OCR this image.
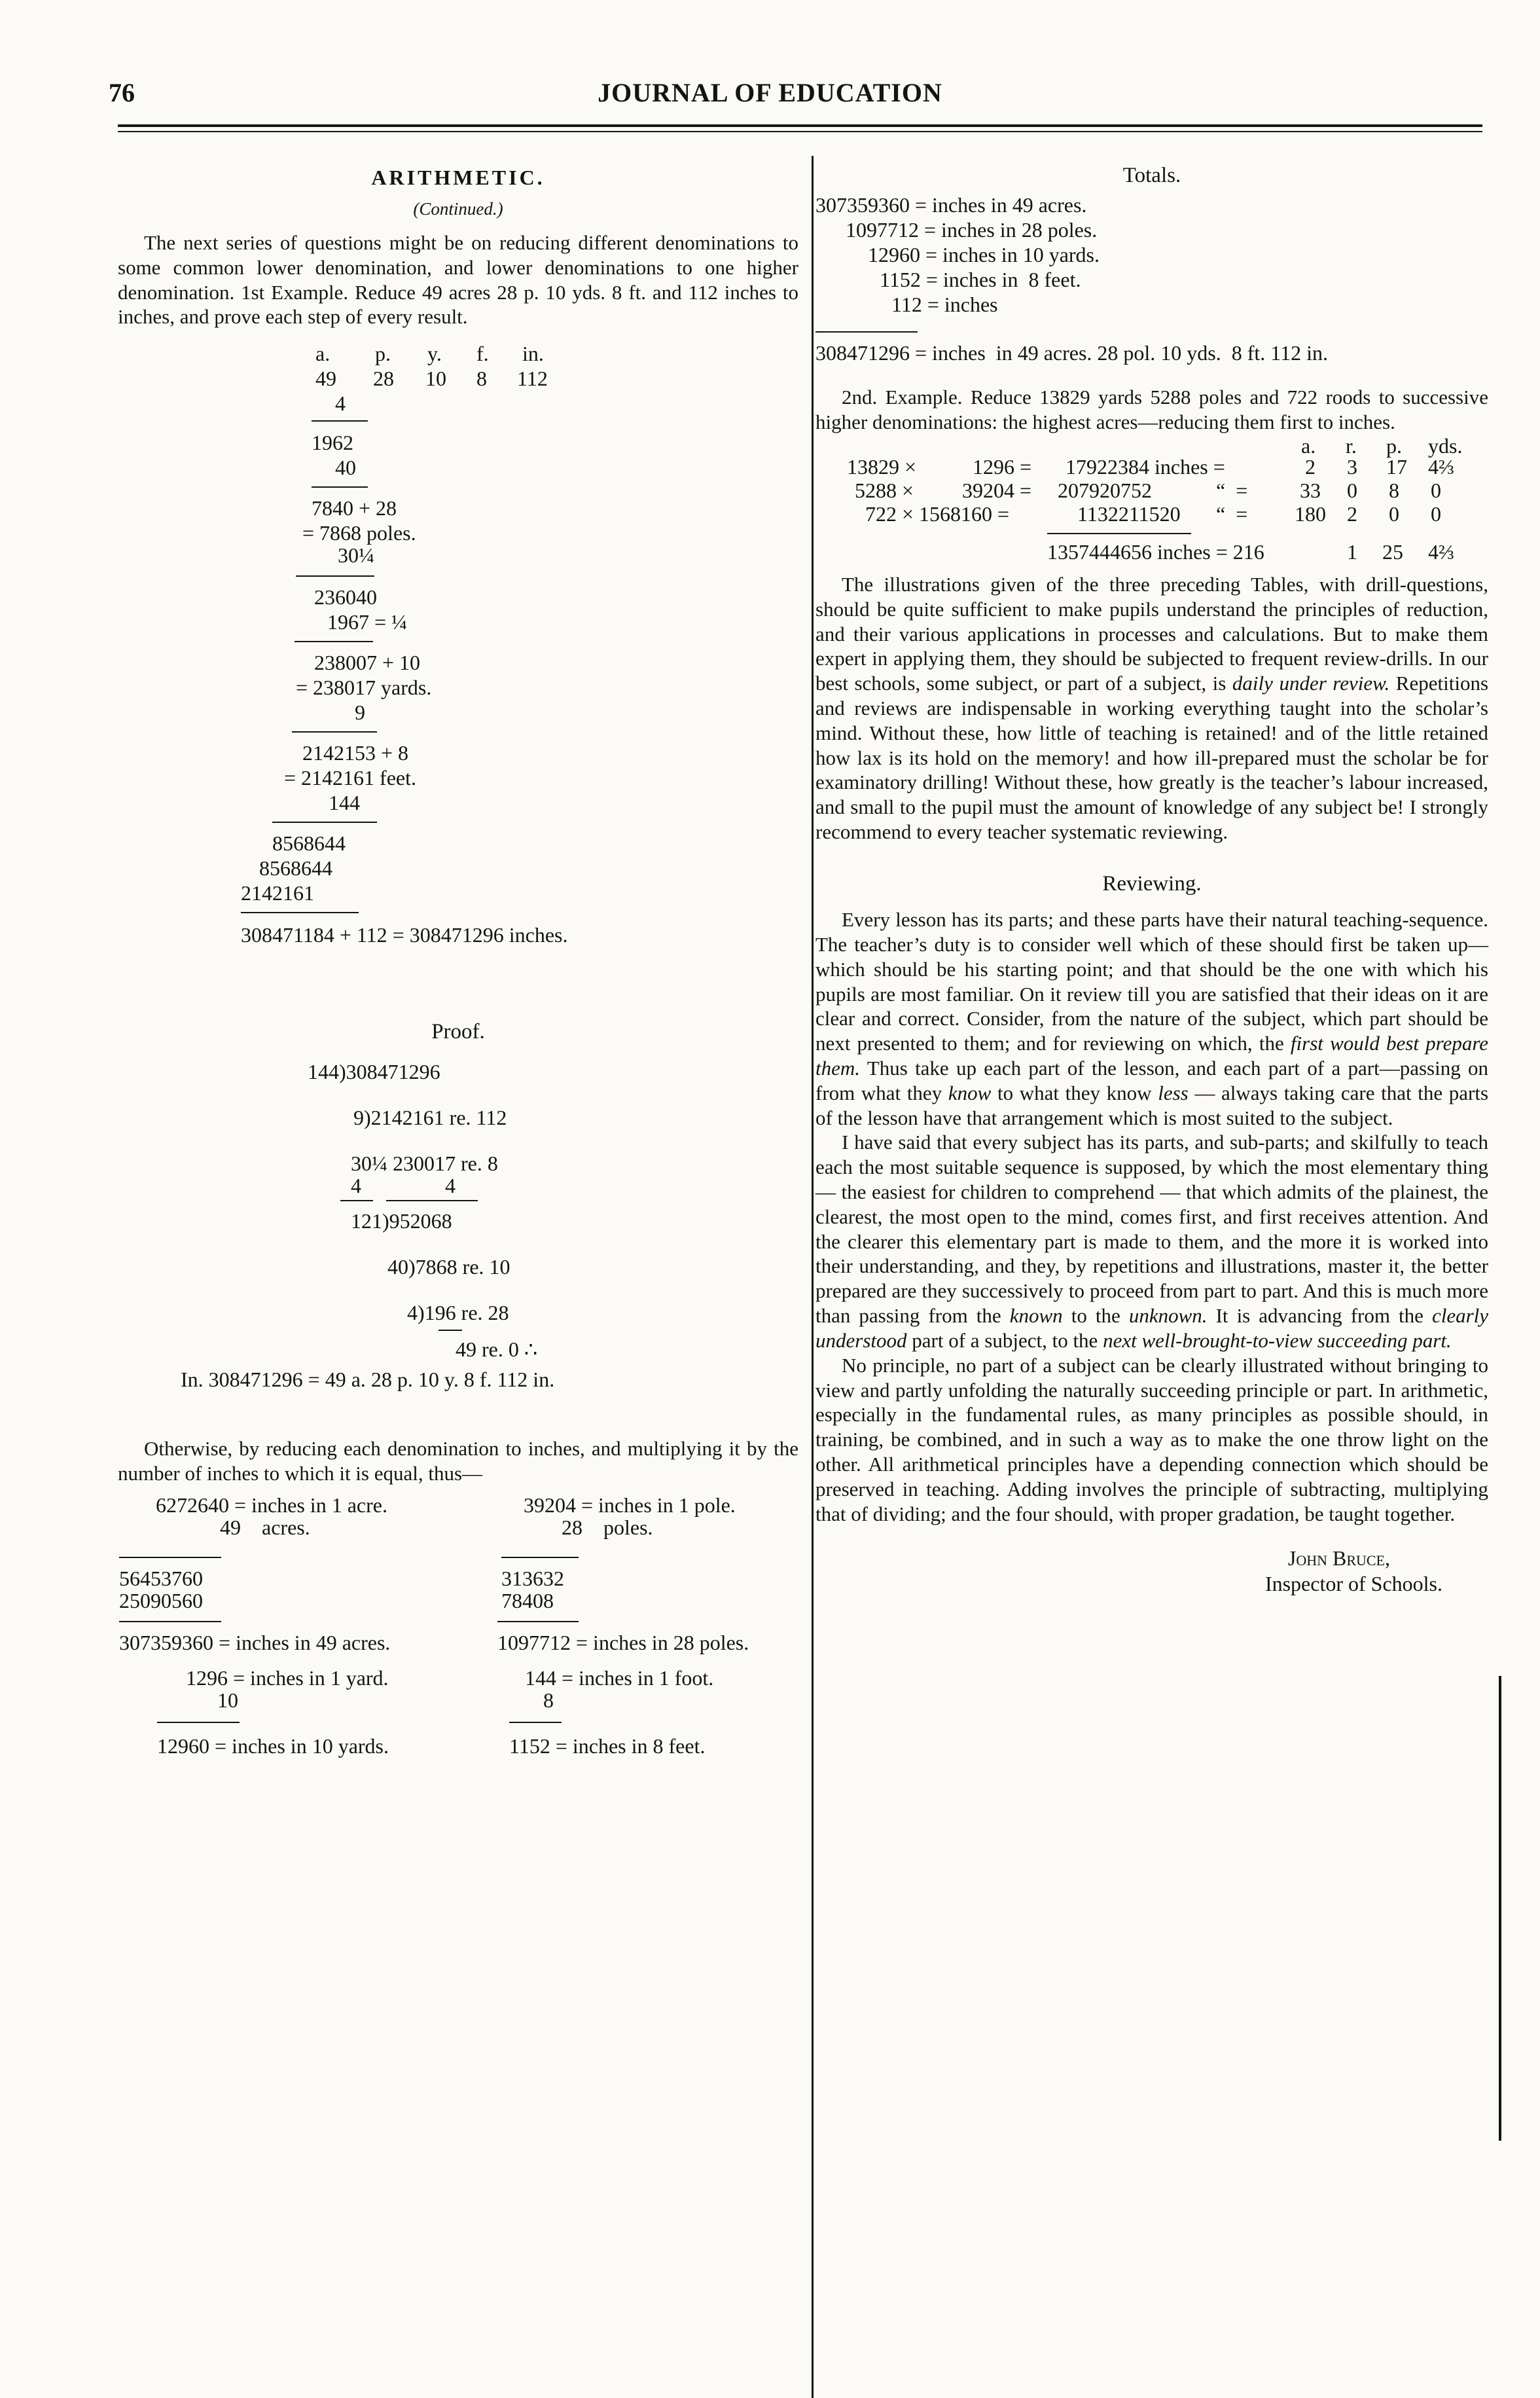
76	JOURNAL OF EDUCATION
ARITHMETIC.
(Continued.)

The next series of questions might be on reducing different denominations to some common lower denomination, and lower denominations to one higher denomination. 1st Example. Reduce 49 acres 28 p. 10 yds. 8 ft. and 112 inches to inches, and prove each step of every result.

a. p. y. f. in.
49 28 10 8 112
4
1962
40
7840 + 28
= 7868 poles.
30¼
236040
1967 = ¼
238007 + 10
= 238017 yards.
9
2142153 + 8
= 2142161 feet.
144
8568644
8568644
2142161
308471184 + 112 = 308471296 inches.
Proof.
144)308471296
9)2142161 re. 112
30¼ 230017 re. 8
4	4
121)952068
40)7868 re. 10
4)196 re. 28
49 re. 0 ∴
In. 308471296 = 49 a. 28 p. 10 y. 8 f. 112 in.

Otherwise, by reducing each denomination to inches, and multiplying it by the number of inches to which it is equal, thus—

6272640 = inches in 1 acre.
49    acres.
56453760
25090560
307359360 = inches in 49 acres.
39204 = inches in 1 pole.
28    poles.
313632
78408
1097712 = inches in 28 poles.
1296 = inches in 1 yard.
10
12960 = inches in 10 yards.
144 = inches in 1 foot.
8
1152 = inches in 8 feet.
Totals.
307359360 = inches in 49 acres.
1097712 = inches in 28 poles.
12960 = inches in 10 yards.
1152 = inches in  8 feet.
112 = inches
308471296 = inches  in 49 acres. 28 pol. 10 yds.  8 ft. 112 in.

2nd. Example. Reduce 13829 yards 5288 poles and 722 roods to successive higher denominations: the highest acres—reducing them first to inches.

a. r. p. yds.
13829 ×	1296 = 17922384 inches =	2 3 17 4⅔
5288 × 39204 = 207920752	“  = 33 0 8 0
722 × 1568160 =	1132211520 “  = 180 2 0 0
1357444656 inches = 216	1 25 4⅔

The illustrations given of the three preceding Tables, with drill-questions, should be quite sufficient to make pupils understand the principles of reduction, and their various applications in processes and calculations. But to make them expert in applying them, they should be subjected to frequent review-drills. In our best schools, some subject, or part of a subject, is daily under review. Repetitions and reviews are indispensable in working everything taught into the scholar’s mind. Without these, how little of teaching is retained! and of the little retained how lax is its hold on the memory! and how ill-prepared must the scholar be for examinatory drilling! Without these, how greatly is the teacher’s labour increased, and small to the pupil must the amount of knowledge of any subject be! I strongly recommend to every teacher systematic reviewing.

Reviewing.

Every lesson has its parts; and these parts have their natural teaching-sequence. The teacher’s duty is to consider well which of these should first be taken up—which should be his starting point; and that should be the one with which his pupils are most familiar. On it review till you are satisfied that their ideas on it are clear and correct. Consider, from the nature of the subject, which part should be next presented to them; and for reviewing on which, the first would best prepare them. Thus take up each part of the lesson, and each part of a part—passing on from what they know to what they know less — always taking care that the parts of the lesson have that arrangement which is most suited to the subject.

I have said that every subject has its parts, and sub-parts; and skilfully to teach each the most suitable sequence is supposed, by which the most elementary thing— the easiest for children to comprehend — that which admits of the plainest, the clearest, the most open to the mind, comes first, and first receives attention. And the clearer this elementary part is made to them, and the more it is worked into their understanding, and they, by repetitions and illustrations, master it, the better prepared are they successively to proceed from part to part. And this is much more than passing from the known to the unknown. It is advancing from the clearly understood part of a subject, to the next well-brought-to-view succeeding part.

No principle, no part of a subject can be clearly illustrated without bringing to view and partly unfolding the naturally succeeding principle or part. In arithmetic, especially in the fundamental rules, as many principles as possible should, in training, be combined, and in such a way as to make the one throw light on the other. All arithmetical principles have a depending connection which should be preserved in teaching. Adding involves the principle of subtracting, multiplying that of dividing; and the four should, with proper gradation, be taught together.

John Bruce,
Inspector of Schools.
